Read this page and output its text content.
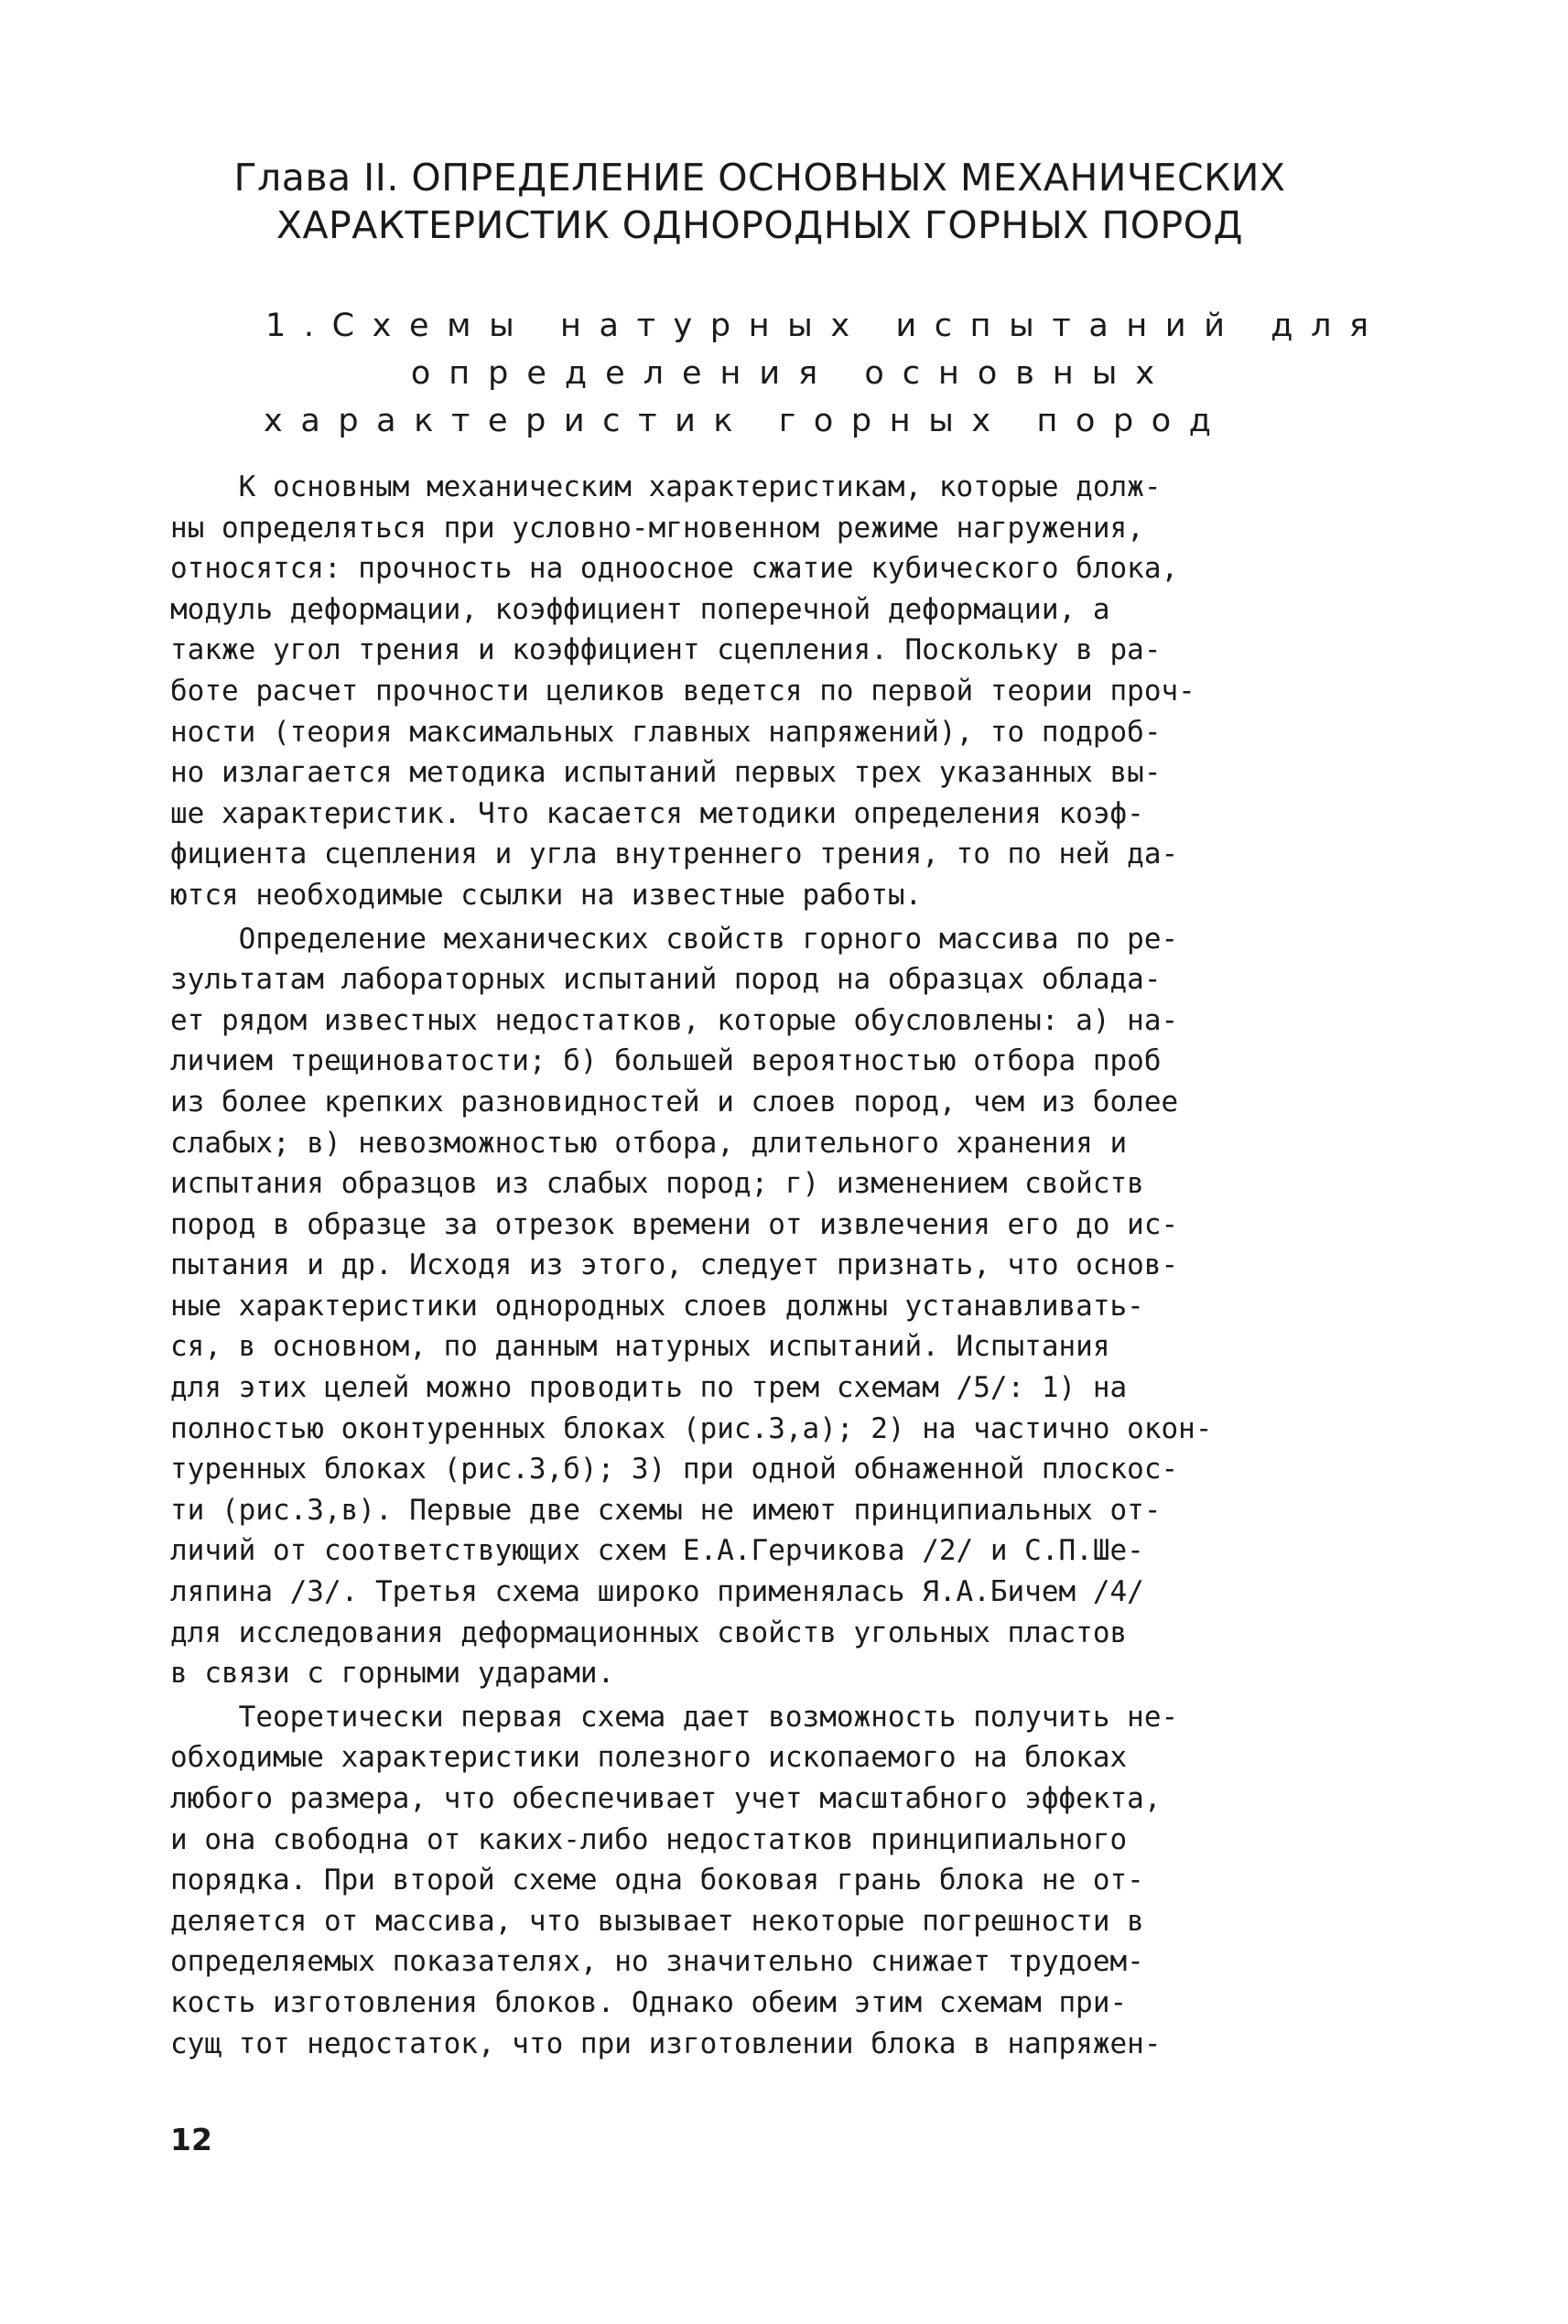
Глава II. ОПРЕДЕЛЕНИЕ ОСНОВНЫХ МЕХАНИЧЕСКИХ
ХАРАКТЕРИСТИК ОДНОРОДНЫХ ГОРНЫХ ПОРОД
1.Схемы натурных испытаний для
определения основных
характеристик горных пород
К основным механическим характеристикам, которые долж-
ны определяться при условно-мгновенном режиме нагружения,
относятся: прочность на одноосное сжатие кубического блока,
модуль деформации, коэффициент поперечной деформации, а
также угол трения и коэффициент сцепления. Поскольку в ра-
боте расчет прочности целиков ведется по первой теории проч-
ности (теория максимальных главных напряжений), то подроб-
но излагается методика испытаний первых трех указанных вы-
ше характеристик. Что касается методики определения коэф-
фициента сцепления и угла внутреннего трения, то по ней да-
ются необходимые ссылки на известные работы.
Определение механических свойств горного массива по ре-
зультатам лабораторных испытаний пород на образцах облада-
ет рядом известных недостатков, которые обусловлены: а) на-
личием трещиноватости; б) большей вероятностью отбора проб
из более крепких разновидностей и слоев пород, чем из более
слабых; в) невозможностью отбора, длительного хранения и
испытания образцов из слабых пород; г) изменением свойств
пород в образце за отрезок времени от извлечения его до ис-
пытания и др. Исходя из этого, следует признать, что основ-
ные характеристики однородных слоев должны устанавливать-
ся, в основном, по данным натурных испытаний. Испытания
для этих целей можно проводить по трем схемам /5/: 1) на
полностью оконтуренных блоках (рис.3,а); 2) на частично окон-
туренных блоках (рис.3,б); 3) при одной обнаженной плоскос-
ти (рис.3,в). Первые две схемы не имеют принципиальных от-
личий от соответствующих схем Е.А.Герчикова /2/ и С.П.Ше-
ляпина /3/. Третья схема широко применялась Я.А.Бичем /4/
для исследования деформационных свойств угольных пластов
в связи с горными ударами.
Теоретически первая схема дает возможность получить не-
обходимые характеристики полезного ископаемого на блоках
любого размера, что обеспечивает учет масштабного эффекта,
и она свободна от каких-либо недостатков принципиального
порядка. При второй схеме одна боковая грань блока не от-
деляется от массива, что вызывает некоторые погрешности в
определяемых показателях, но значительно снижает трудоем-
кость изготовления блоков. Однако обеим этим схемам при-
сущ тот недостаток, что при изготовлении блока в напряжен-
12
